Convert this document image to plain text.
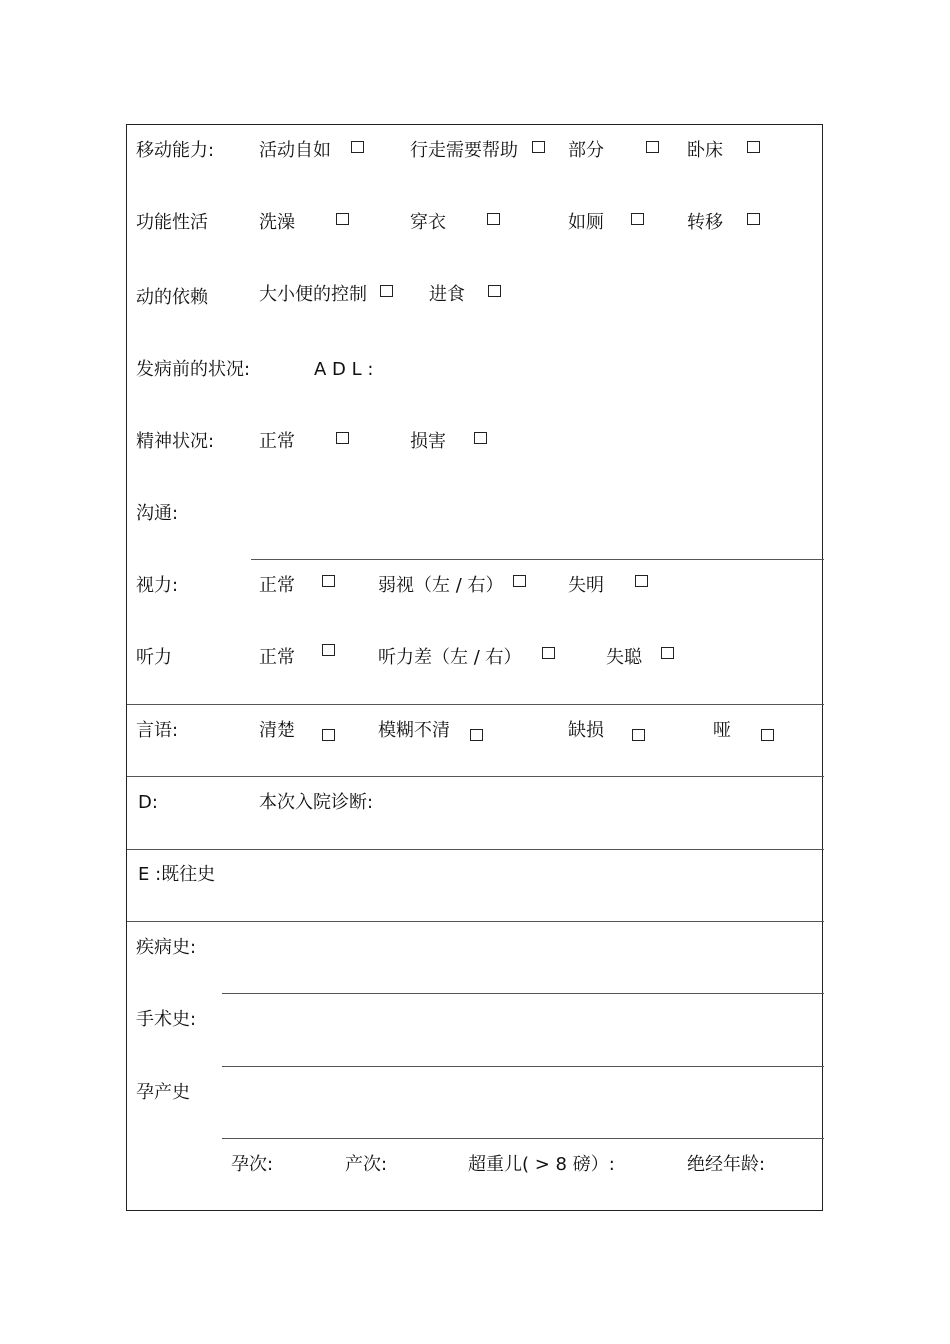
移动能力: 活动自如	行走需要帮助	部分	卧床
功能性活	洗澡	穿衣	如厕	转移
动的依赖	大小便的控制	进食
发病前的状况:	A D L :
精神状况: 正常	损害
沟通:
视力:	正常	弱视（左 / 右）	失明
听力	正常	听力差（左 / 右）	失聪
言语:	清楚	模糊不清	缺损	哑
D:	本次入院诊断:
E :既往史
疾病史:
手术史:
孕产史
孕次:	产次:	超重儿( > 8 磅）:	绝经年龄:
